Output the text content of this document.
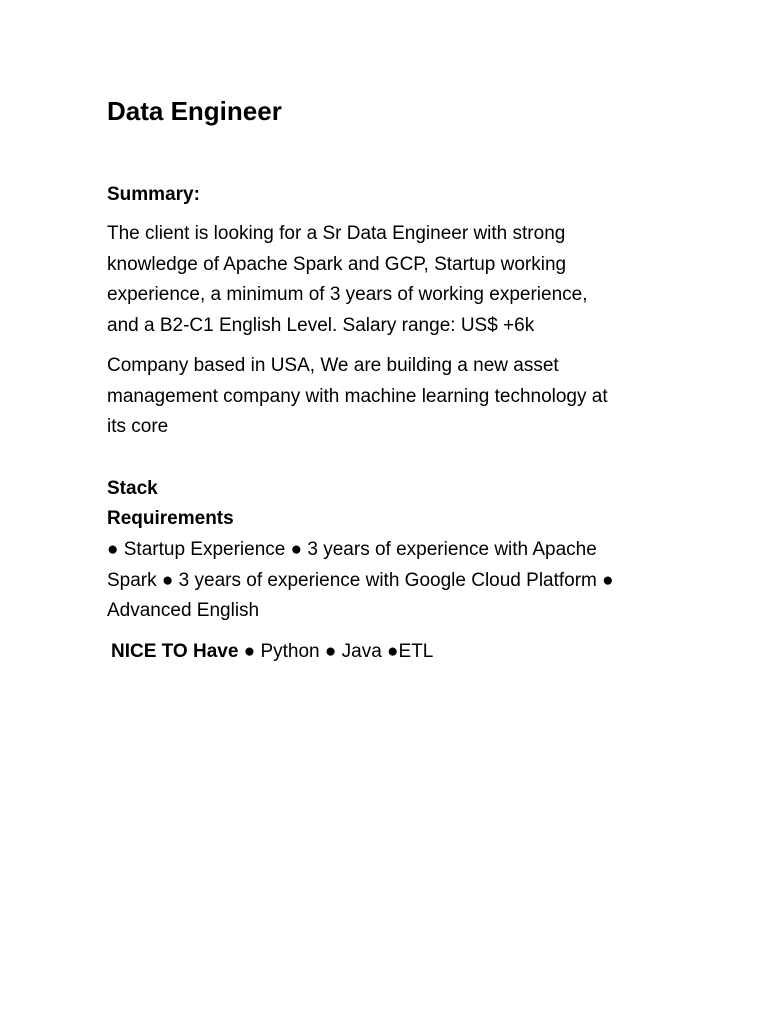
Data Engineer

Summary:

The client is looking for a Sr Data Engineer with strong
knowledge of Apache Spark and GCP, Startup working
experience, a minimum of 3 years of working experience,
and a B2-C1 English Level. Salary range: US$ +6k

Company based in USA, We are building a new asset
management company with machine learning technology at
its core

Stack

Requirements

● Startup Experience ● 3 years of experience with Apache
Spark ● 3 years of experience with Google Cloud Platform ●
Advanced English

NICE TO Have ● Python ● Java ●ETL
